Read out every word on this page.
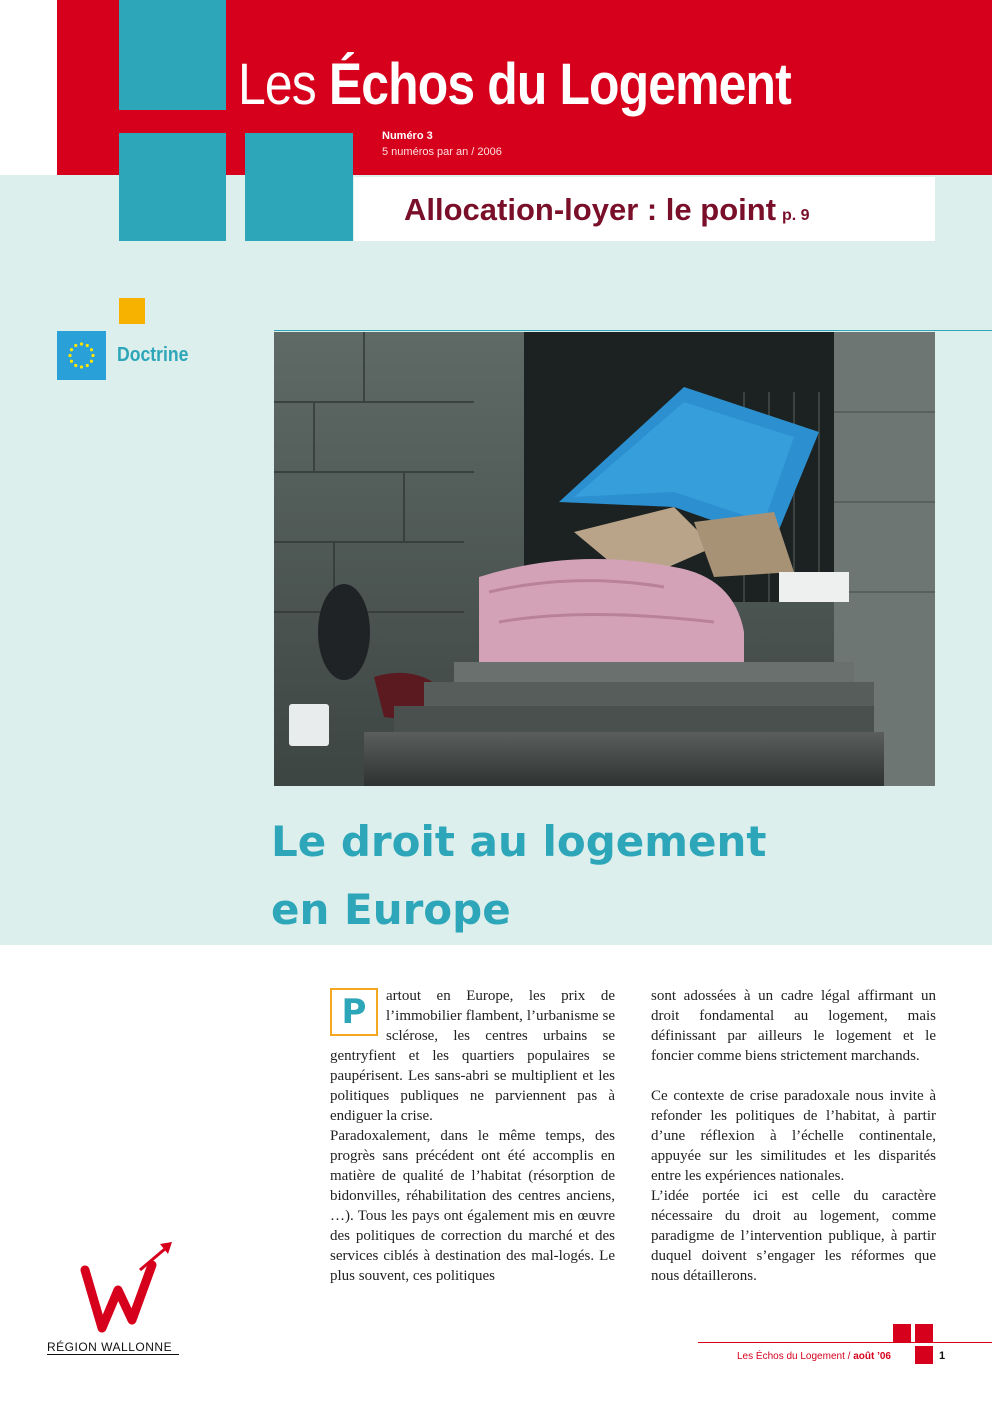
Les Échos du Logement
Numéro 3
5 numéros par an / 2006
Allocation-loyer : le point p. 9
Doctrine
Le droit au logement
en Europe

P	artout en Europe, les prix de l’immobilier flambent, l’urbanisme se sclérose, les centres urbains se gentryfient et les quartiers populaires se paupérisent. Les sans-abri se multiplient et les politiques publiques ne parviennent pas à endiguer la crise.

Paradoxalement, dans le même temps, des progrès sans précédent ont été accomplis en matière de qualité de l’habitat (résorption de bidonvilles, réhabilitation des centres anciens, …). Tous les pays ont également mis en œuvre des politiques de correction du marché et des services ciblés à destination des mal-logés. Le plus souvent, ces politiques

sont adossées à un cadre légal affirmant un droit fondamental au logement, mais définissant par ailleurs le logement et le foncier comme biens strictement marchands.

Ce contexte de crise paradoxale nous invite à refonder les politiques de l’habitat, à partir d’une réflexion à l’échelle continentale, appuyée sur les similitudes et les disparités entre les expériences nationales.

L’idée portée ici est celle du caractère nécessaire du droit au logement, comme paradigme de l’intervention publique, à partir duquel doivent s’engager les réformes que nous détaillerons.

RÉGION WALLONNE
Les Échos du Logement / août ’06	1
